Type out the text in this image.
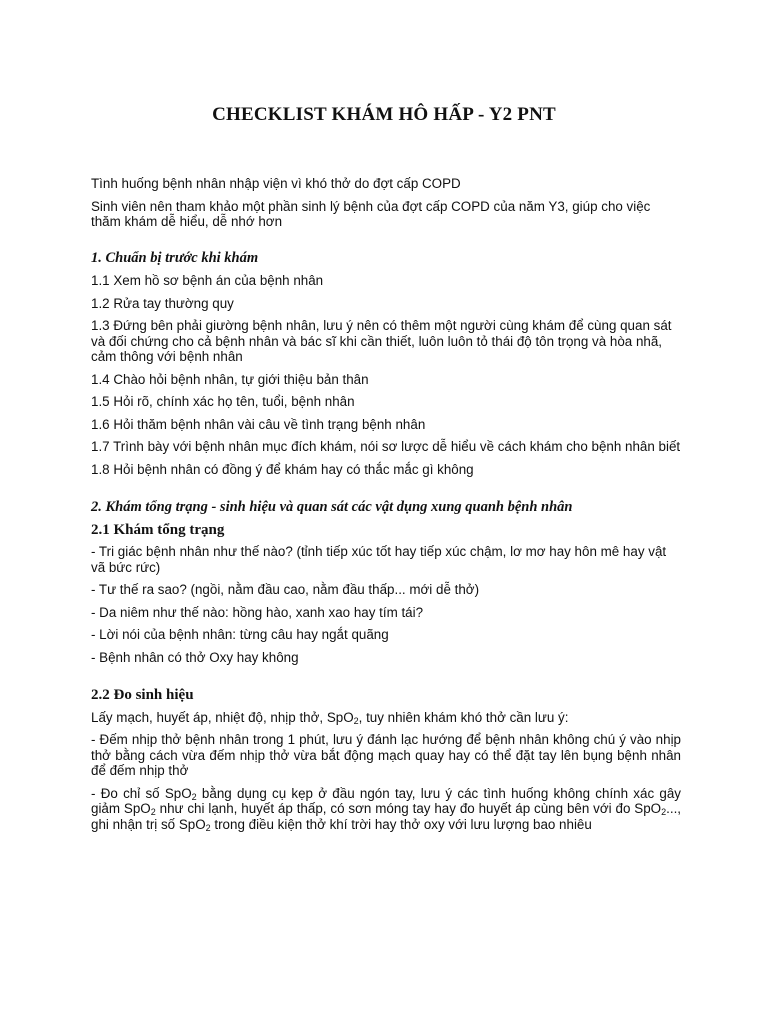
CHECKLIST KHÁM HÔ HẤP - Y2 PNT

Tình huống bệnh nhân nhập viện vì khó thở do đợt cấp COPD

Sinh viên nên tham khảo một phần sinh lý bệnh của đợt cấp COPD của năm Y3, giúp cho việc thăm khám dễ hiểu, dễ nhớ hơn

1. Chuẩn bị trước khi khám

1.1 Xem hồ sơ bệnh án của bệnh nhân

1.2 Rửa tay thường quy

1.3 Đứng bên phải giường bệnh nhân, lưu ý nên có thêm một người cùng khám để cùng quan sát và đối chứng cho cả bệnh nhân và bác sĩ khi cần thiết, luôn luôn tỏ thái độ tôn trọng và hòa nhã, cảm thông với bệnh nhân

1.4 Chào hỏi bệnh nhân, tự giới thiệu bản thân

1.5 Hỏi rõ, chính xác họ tên, tuổi, bệnh nhân

1.6 Hỏi thăm bệnh nhân vài câu về tình trạng bệnh nhân

1.7 Trình bày với bệnh nhân mục đích khám, nói sơ lược dễ hiểu về cách khám cho bệnh nhân biết

1.8 Hỏi bệnh nhân có đồng ý để khám hay có thắc mắc gì không

2. Khám tổng trạng - sinh hiệu và quan sát các vật dụng xung quanh bệnh nhân

2.1 Khám tổng trạng

- Tri giác bệnh nhân như thế nào? (tỉnh tiếp xúc tốt hay tiếp xúc chậm, lơ mơ hay hôn mê hay vật vã bức rức)

- Tư thế ra sao? (ngồi, nằm đầu cao, nằm đầu thấp... mới dễ thở)

- Da niêm như thế nào: hồng hào, xanh xao hay tím tái?

- Lời nói của bệnh nhân: từng câu hay ngắt quãng

- Bệnh nhân có thở Oxy hay không

2.2 Đo sinh hiệu

Lấy mạch, huyết áp, nhiệt độ, nhịp thở, SpO$_2$, tuy nhiên khám khó thở cần lưu ý:

- Đếm nhịp thở bệnh nhân trong 1 phút, lưu ý đánh lạc hướng để bệnh nhân không chú ý vào nhịp thở bằng cách vừa đếm nhịp thở vừa bắt động mạch quay hay có thể đặt tay lên bụng bệnh nhân để đếm nhịp thở

- Đo chỉ số SpO$_2$ bằng dụng cụ kẹp ở đầu ngón tay, lưu ý các tình huống không chính xác gây giảm SpO$_2$ như chi lạnh, huyết áp thấp, có sơn móng tay hay đo huyết áp cùng bên với đo SpO$_2$..., ghi nhận trị số SpO$_2$ trong điều kiện thở khí trời hay thở oxy với lưu lượng bao nhiêu
